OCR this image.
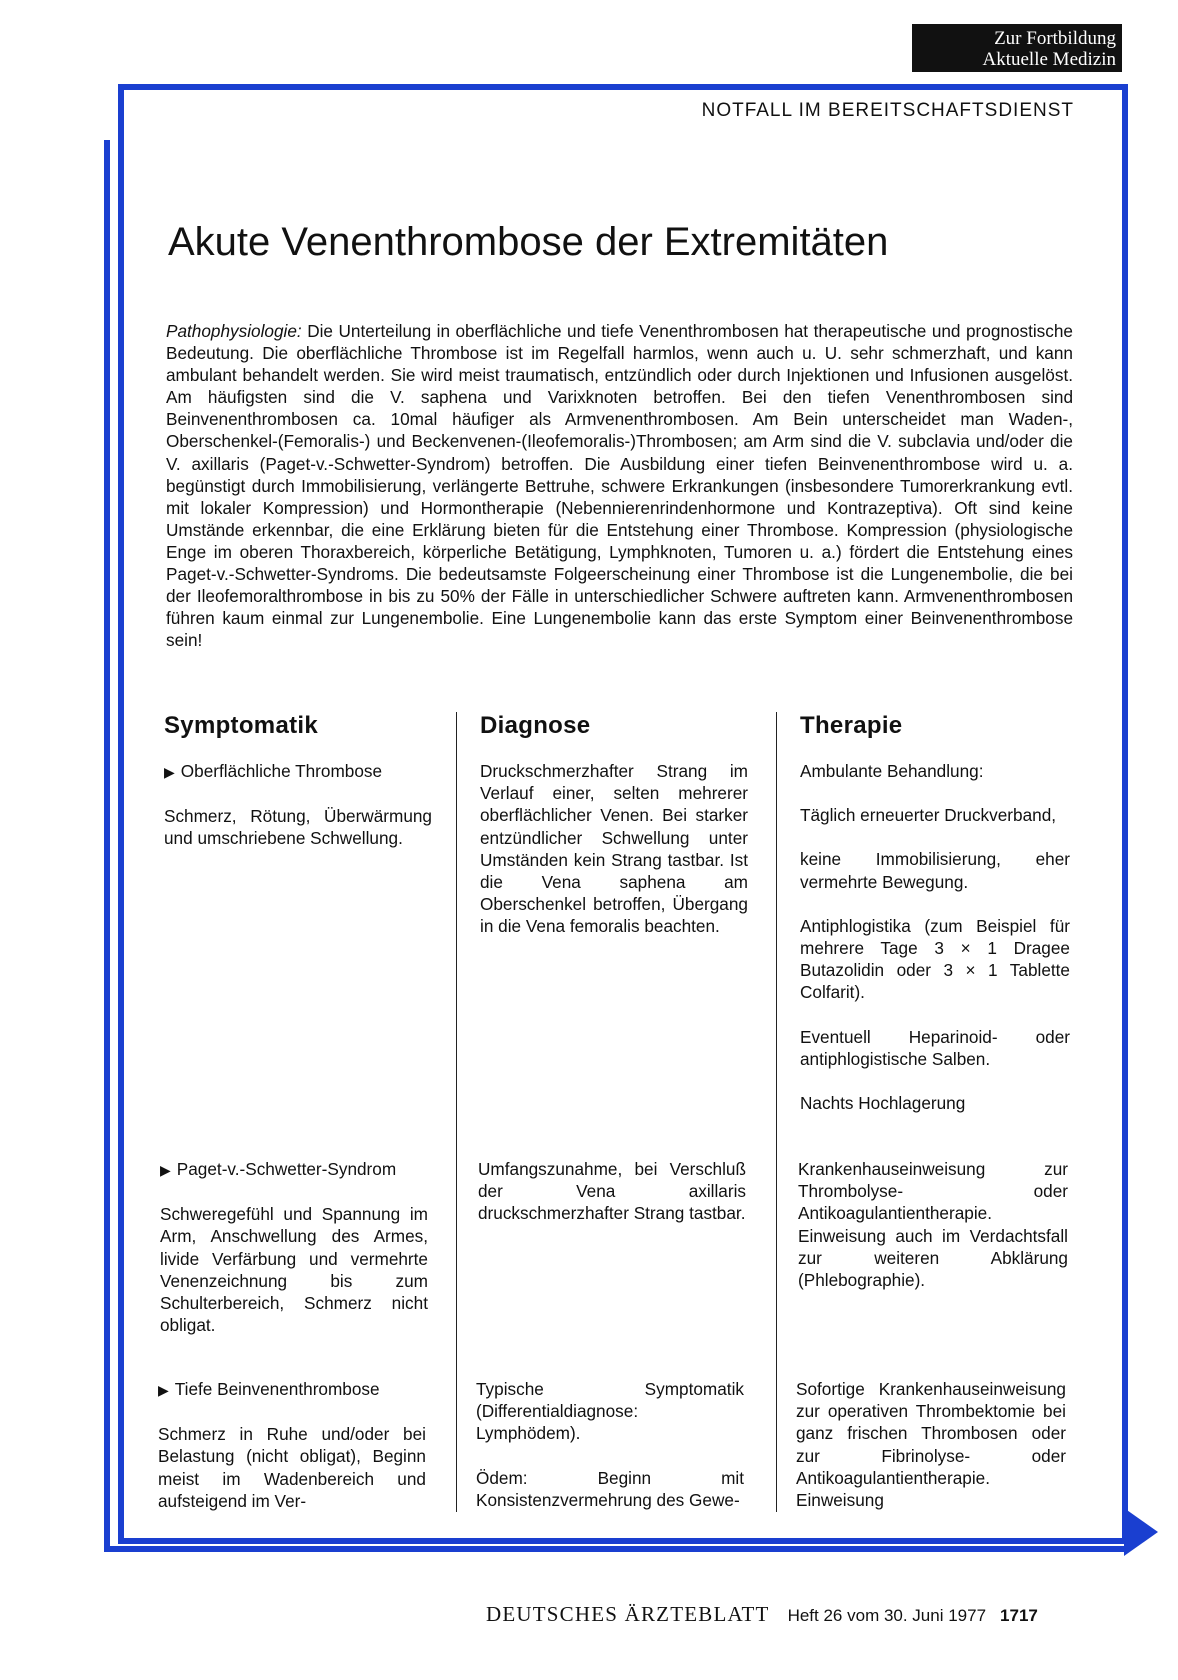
Zur Fortbildung
Aktuelle Medizin
NOTFALL IM BEREITSCHAFTSDIENST
Akute Venenthrombose der Extremitäten

Pathophysiologie: Die Unterteilung in oberflächliche und tiefe Venenthrombosen hat therapeutische und prognostische Bedeutung. Die oberflächliche Thrombose ist im Regelfall harmlos, wenn auch u. U. sehr schmerzhaft, und kann ambulant behandelt werden. Sie wird meist traumatisch, entzündlich oder durch Injektionen und Infusionen ausgelöst. Am häufigsten sind die V. saphena und Varixknoten betroffen. Bei den tiefen Venenthrombosen sind Beinvenenthrombosen ca. 10mal häufiger als Armvenenthrombosen. Am Bein unterscheidet man Waden-, Oberschenkel-(Femoralis-) und Beckenvenen-(Ileofemoralis-)Thrombosen; am Arm sind die V. subclavia und/oder die V. axillaris (Paget-v.-Schwetter-Syndrom) betroffen. Die Ausbildung einer tiefen Beinvenenthrombose wird u. a. begünstigt durch Immobilisierung, verlängerte Bettruhe, schwere Erkrankungen (insbesondere Tumorerkrankung evtl. mit lokaler Kompression) und Hormontherapie (Nebennierenrindenhormone und Kontrazeptiva). Oft sind keine Umstände erkennbar, die eine Erklärung bieten für die Entstehung einer Thrombose. Kompression (physiologische Enge im oberen Thoraxbereich, körperliche Betätigung, Lymphknoten, Tumoren u. a.) fördert die Entstehung eines Paget-v.-Schwetter-Syndroms. Die bedeutsamste Folgeerscheinung einer Thrombose ist die Lungenembolie, die bei der Ileofemoralthrombose in bis zu 50% der Fälle in unterschiedlicher Schwere auftreten kann. Armvenenthrombosen führen kaum einmal zur Lungenembolie. Eine Lungenembolie kann das erste Symptom einer Beinvenenthrombose sein!

Symptomatik	Diagnose	Therapie

▶ Oberflächliche Thrombose

Schmerz, Rötung, Überwärmung und umschriebene Schwellung.

Druckschmerzhafter Strang im Verlauf einer, selten mehrerer oberflächlicher Venen. Bei starker entzündlicher Schwellung unter Umständen kein Strang tastbar. Ist die Vena saphena am Oberschenkel betroffen, Übergang in die Vena femoralis beachten.

Ambulante Behandlung:

Täglich erneuerter Druckverband,

keine Immobilisierung, eher vermehrte Bewegung.

Antiphlogistika (zum Beispiel für mehrere Tage 3 × 1 Dragee Butazolidin oder 3 × 1 Tablette Colfarit).

Eventuell Heparinoid- oder antiphlogistische Salben.

Nachts Hochlagerung

▶ Paget-v.-Schwetter-Syndrom

Schweregefühl und Spannung im Arm, Anschwellung des Armes, livide Verfärbung und vermehrte Venenzeichnung bis zum Schulterbereich, Schmerz nicht obligat.

Umfangszunahme, bei Verschluß der Vena axillaris druckschmerzhafter Strang tastbar.

Krankenhauseinweisung zur Thrombolyse- oder Antikoagulantientherapie. Einweisung auch im Verdachtsfall zur weiteren Abklärung (Phlebographie).

▶ Tiefe Beinvenenthrombose

Schmerz in Ruhe und/oder bei Belastung (nicht obligat), Beginn meist im Wadenbereich und aufsteigend im Ver-

Typische Symptomatik (Differentialdiagnose: Lymphödem).

Ödem: Beginn mit Konsistenzvermehrung des Gewe-

Sofortige Krankenhauseinweisung zur operativen Thrombektomie bei ganz frischen Thrombosen oder zur Fibrinolyse- oder Antikoagulantientherapie. Einweisung

DEUTSCHES ÄRZTEBLATT Heft 26 vom 30. Juni 1977 1717
